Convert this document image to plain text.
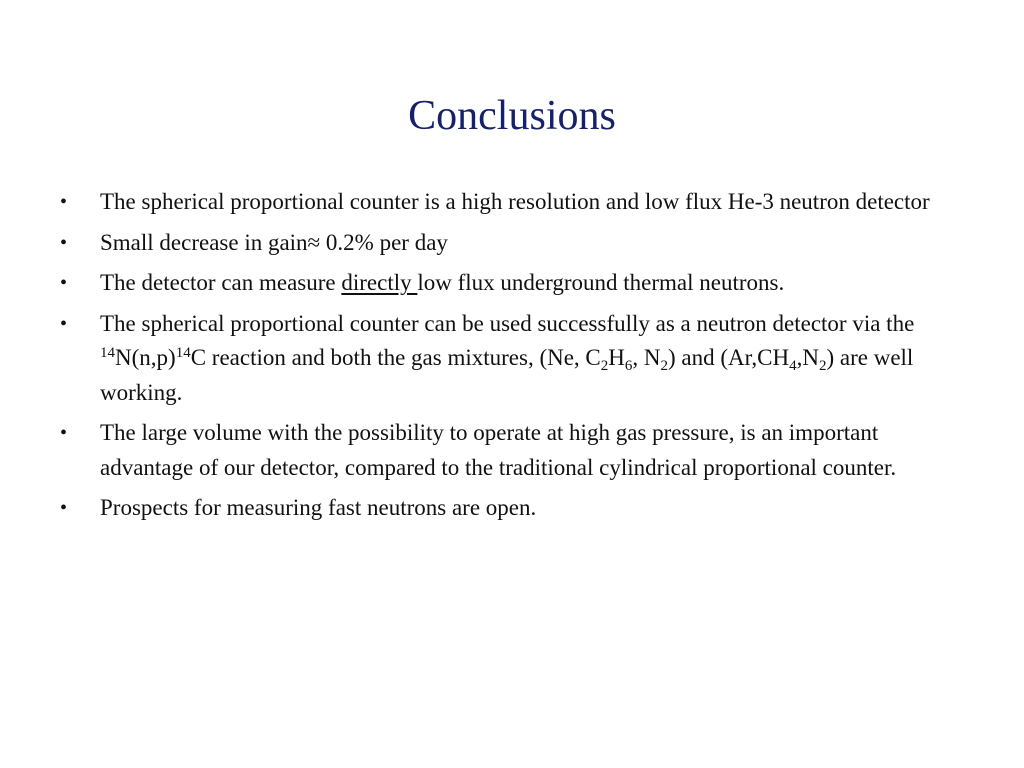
Conclusions
•	The spherical proportional counter is a high resolution and low flux He-3 neutron detector
•	Small decrease in gain≈ 0.2% per day
•	The detector can measure directly low flux underground thermal neutrons.
•	The spherical proportional counter can be used successfully as a neutron detector via the $^{14}N(n,p)^{14}C$ reaction and both the gas mixtures, (Ne, $C_2H_6$, $N_2$) and $(Ar,CH_4,N_2)$ are well working.
•	The large volume with the possibility to operate at high gas pressure, is an important advantage of our detector, compared to the traditional cylindrical proportional counter.
•	Prospects for measuring fast neutrons are open.
